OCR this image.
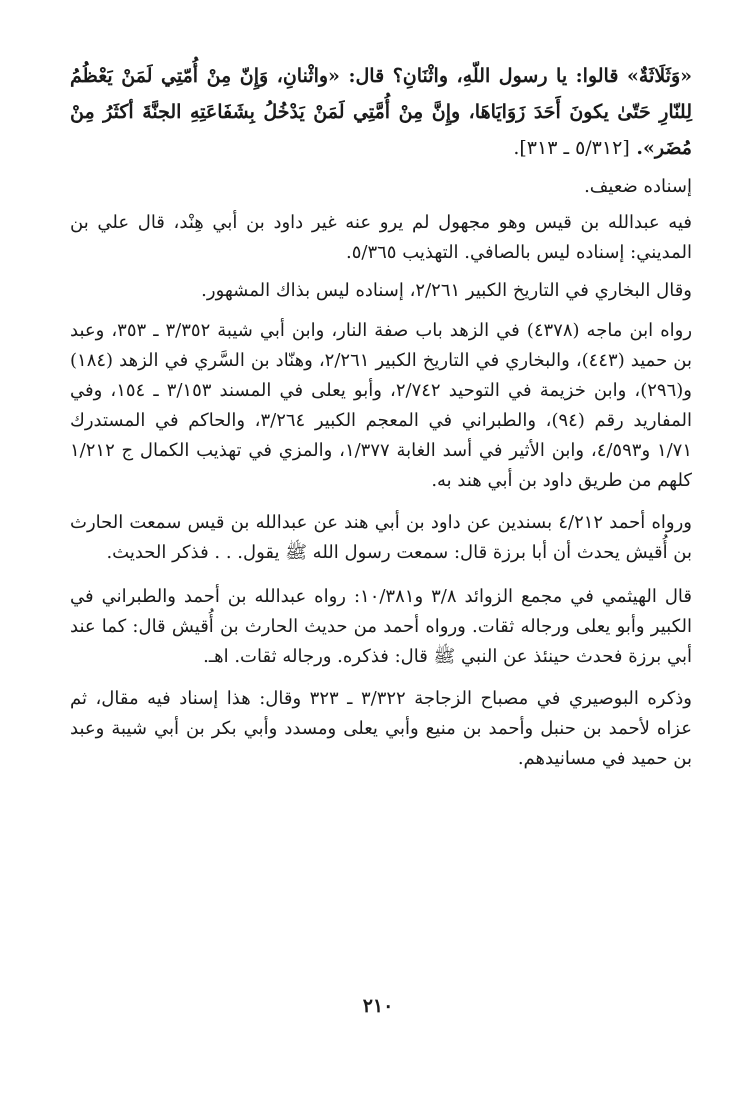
«وَثَلَاثَةٌ» قالوا: يا رسول اللّهِ، واثْنَانِ؟ قال: «واثْنانِ، وَإِنّ مِنْ أُمّتِي لَمَنْ يَعْظُمُ لِلنّارِ حَتّىٰ يكونَ أَحَدَ زَوَايَاهَا، وإِنَّ مِنْ أُمَّتِي لَمَنْ يَدْخُلُ بِشَفَاعَتِهِ الجنَّةَ أكثَرُ مِنْ مُضَر». [٥/٣١٢ ـ ٣١٣].

إسناده ضعيف.

فيه عبدالله بن قيس وهو مجهول لم يرو عنه غير داود بن أبي هِنْد، قال علي بن المديني: إسناده ليس بالصافي. التهذيب ٥/٣٦٥.

وقال البخاري في التاريخ الكبير ٢/٢٦١، إسناده ليس بذاك المشهور.

رواه ابن ماجه (٤٣٧٨) في الزهد باب صفة النار، وابن أبي شيبة ٣/٣٥٢ ـ ٣٥٣، وعبد بن حميد (٤٤٣)، والبخاري في التاريخ الكبير ٢/٢٦١، وهنّاد بن السَّري في الزهد (١٨٤) و(٢٩٦)، وابن خزيمة في التوحيد ٢/٧٤٢، وأبو يعلى في المسند ٣/١٥٣ ـ ١٥٤، وفي المفاريد رقم (٩٤)، والطبراني في المعجم الكبير ٣/٢٦٤، والحاكم في المستدرك ١/٧١ و٤/٥٩٣، وابن الأثير في أسد الغابة ١/٣٧٧، والمزي في تهذيب الكمال ج ١/٢١٢ كلهم من طريق داود بن أبي هند به.

ورواه أحمد ٤/٢١٢ بسندين عن داود بن أبي هند عن عبدالله بن قيس سمعت الحارث بن أُقيش يحدث أن أبا برزة قال: سمعت رسول الله ﷺ يقول. . . فذكر الحديث.

قال الهيثمي في مجمع الزوائد ٣/٨ و١٠/٣٨١: رواه عبدالله بن أحمد والطبراني في الكبير وأبو يعلى ورجاله ثقات. ورواه أحمد من حديث الحارث بن أُقيش قال: كما عند أبي برزة فحدث حينئذ عن النبي ﷺ قال: فذكره. ورجاله ثقات. اهـ.

وذكره البوصيري في مصباح الزجاجة ٣/٣٢٢ ـ ٣٢٣ وقال: هذا إسناد فيه مقال، ثم عزاه لأحمد بن حنبل وأحمد بن منيع وأبي يعلى ومسدد وأبي بكر بن أبي شيبة وعبد بن حميد في مسانيدهم.

٢١٠
